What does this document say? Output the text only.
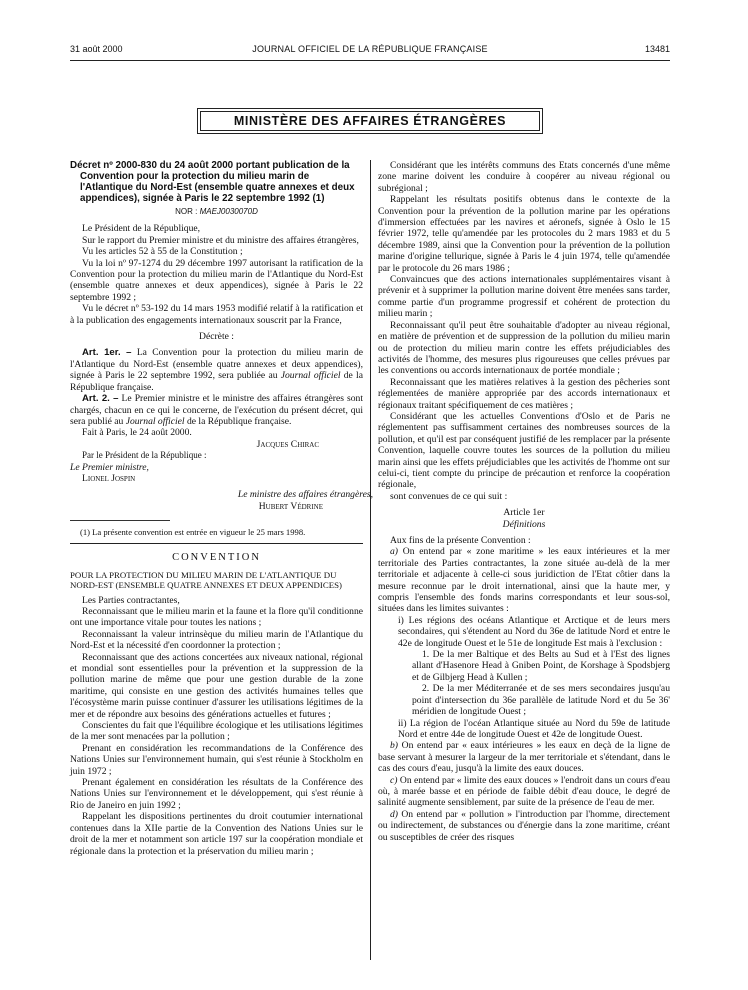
31 août 2000	JOURNAL OFFICIEL DE LA RÉPUBLIQUE FRANÇAISE	13481
MINISTÈRE DES AFFAIRES ÉTRANGÈRES

Décret nº 2000-830 du 24 août 2000 portant publication de la Convention pour la protection du milieu marin de l'Atlantique du Nord-Est (ensemble quatre annexes et deux appendices), signée à Paris le 22 septembre 1992 (1)

NOR : MAEJ0030070D

Le Président de la République,

Sur le rapport du Premier ministre et du ministre des affaires étrangères,

Vu les articles 52 à 55 de la Constitution ;

Vu la loi nº 97-1274 du 29 décembre 1997 autorisant la ratification de la Convention pour la protection du milieu marin de l'Atlantique du Nord-Est (ensemble quatre annexes et deux appendices), signée à Paris le 22 septembre 1992 ;

Vu le décret nº 53-192 du 14 mars 1953 modifié relatif à la ratification et à la publication des engagements internationaux souscrit par la France,

Décrète :

Art. 1er. – La Convention pour la protection du milieu marin de l'Atlantique du Nord-Est (ensemble quatre annexes et deux appendices), signée à Paris le 22 septembre 1992, sera publiée au Journal officiel de la République française.

Art. 2. – Le Premier ministre et le ministre des affaires étrangères sont chargés, chacun en ce qui le concerne, de l'exécution du présent décret, qui sera publié au Journal officiel de la République française.

Fait à Paris, le 24 août 2000.

Jacques Chirac

Par le Président de la République :

Le Premier ministre,

Lionel Jospin

Le ministre des affaires étrangères,

Hubert Védrine

(1) La présente convention est entrée en vigueur le 25 mars 1998.

CONVENTION

POUR LA PROTECTION DU MILIEU MARIN DE L'ATLANTIQUE DU NORD-EST (ENSEMBLE QUATRE ANNEXES ET DEUX APPENDICES)

Les Parties contractantes,

Reconnaissant que le milieu marin et la faune et la flore qu'il conditionne ont une importance vitale pour toutes les nations ;

Reconnaissant la valeur intrinsèque du milieu marin de l'Atlantique du Nord-Est et la nécessité d'en coordonner la protection ;

Reconnaissant que des actions concertées aux niveaux national, régional et mondial sont essentielles pour la prévention et la suppression de la pollution marine de même que pour une gestion durable de la zone maritime, qui consiste en une gestion des activités humaines telles que l'écosystème marin puisse continuer d'assurer les utilisations légitimes de la mer et de répondre aux besoins des générations actuelles et futures ;

Conscientes du fait que l'équilibre écologique et les utilisations légitimes de la mer sont menacées par la pollution ;

Prenant en considération les recommandations de la Conférence des Nations Unies sur l'environnement humain, qui s'est réunie à Stockholm en juin 1972 ;

Prenant également en considération les résultats de la Conférence des Nations Unies sur l'environnement et le développement, qui s'est réunie à Rio de Janeiro en juin 1992 ;

Rappelant les dispositions pertinentes du droit coutumier international contenues dans la XIIe partie de la Convention des Nations Unies sur le droit de la mer et notamment son article 197 sur la coopération mondiale et régionale dans la protection et la préservation du milieu marin ;

Considérant que les intérêts communs des Etats concernés d'une même zone marine doivent les conduire à coopérer au niveau régional ou subrégional ;

Rappelant les résultats positifs obtenus dans le contexte de la Convention pour la prévention de la pollution marine par les opérations d'immersion effectuées par les navires et aéronefs, signée à Oslo le 15 février 1972, telle qu'amendée par les protocoles du 2 mars 1983 et du 5 décembre 1989, ainsi que la Convention pour la prévention de la pollution marine d'origine tellurique, signée à Paris le 4 juin 1974, telle qu'amendée par le protocole du 26 mars 1986 ;

Convaincues que des actions internationales supplémentaires visant à prévenir et à supprimer la pollution marine doivent être menées sans tarder, comme partie d'un programme progressif et cohérent de protection du milieu marin ;

Reconnaissant qu'il peut être souhaitable d'adopter au niveau régional, en matière de prévention et de suppression de la pollution du milieu marin ou de protection du milieu marin contre les effets préjudiciables des activités de l'homme, des mesures plus rigoureuses que celles prévues par les conventions ou accords internationaux de portée mondiale ;

Reconnaissant que les matières relatives à la gestion des pêcheries sont réglementées de manière appropriée par des accords internationaux et régionaux traitant spécifiquement de ces matières ;

Considérant que les actuelles Conventions d'Oslo et de Paris ne réglementent pas suffisamment certaines des nombreuses sources de la pollution, et qu'il est par conséquent justifié de les remplacer par la présente Convention, laquelle couvre toutes les sources de la pollution du milieu marin ainsi que les effets préjudiciables que les activités de l'homme ont sur celui-ci, tient compte du principe de précaution et renforce la coopération régionale,

sont convenues de ce qui suit :

Article 1er

Définitions

Aux fins de la présente Convention :

a) On entend par « zone maritime » les eaux intérieures et la mer territoriale des Parties contractantes, la zone située au-delà de la mer territoriale et adjacente à celle-ci sous juridiction de l'Etat côtier dans la mesure reconnue par le droit international, ainsi que la haute mer, y compris l'ensemble des fonds marins correspondants et leur sous-sol, situées dans les limites suivantes :

i) Les régions des océans Atlantique et Arctique et de leurs mers secondaires, qui s'étendent au Nord du 36e de latitude Nord et entre le 42e de longitude Ouest et le 51e de longitude Est mais à l'exclusion :

1. De la mer Baltique et des Belts au Sud et à l'Est des lignes allant d'Hasenore Head à Gniben Point, de Korshage à Spodsbjerg et de Gilbjerg Head à Kullen ;

2. De la mer Méditerranée et de ses mers secondaires jusqu'au point d'intersection du 36e parallèle de latitude Nord et du 5e 36' méridien de longitude Ouest ;

ii) La région de l'océan Atlantique située au Nord du 59e de latitude Nord et entre 44e de longitude Ouest et 42e de longitude Ouest.

b) On entend par « eaux intérieures » les eaux en deçà de la ligne de base servant à mesurer la largeur de la mer territoriale et s'étendant, dans le cas des cours d'eau, jusqu'à la limite des eaux douces.

c) On entend par « limite des eaux douces » l'endroit dans un cours d'eau où, à marée basse et en période de faible débit d'eau douce, le degré de salinité augmente sensiblement, par suite de la présence de l'eau de mer.

d) On entend par « pollution » l'introduction par l'homme, directement ou indirectement, de substances ou d'énergie dans la zone maritime, créant ou susceptibles de créer des risques
